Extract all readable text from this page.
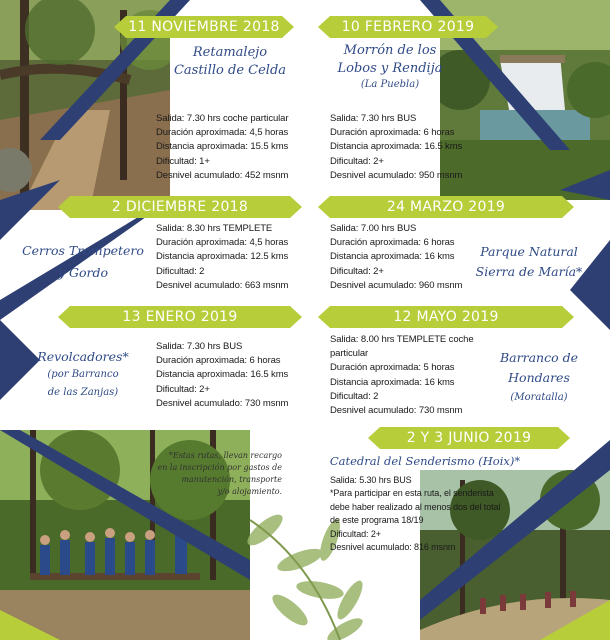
11 NOVIEMBRE 2018	10 FEBRERO 2019
2 DICIEMBRE 2018	24 MARZO 2019
13 ENERO 2019	12 MAYO 2019
2 Y 3 JUNIO 2019
Retamalejo
Castillo de Celda
Salida: 7.30 hrs coche particular
Duración aproximada: 4,5 horas
Distancia aproximada: 15.5 kms
Dificultad: 1+
Desnivel acumulado: 452 msnm
Morrón de los
Lobos y Rendija
(La Puebla)
Salida: 7.30 hrs BUS
Duración aproximada: 6 horas
Distancia aproximada: 16.5 kms
Dificultad: 2+
Desnivel acumulado: 950 msnm
Cerros Trompetero
y Gordo
Salida: 8.30 hrs TEMPLETE
Duración aproximada: 4,5 horas
Distancia aproximada: 12.5 kms
Dificultad: 2
Desnivel acumulado: 663 msnm
Salida: 7.00 hrs BUS
Duración aproximada: 6 horas
Distancia aproximada: 16 kms
Dificultad: 2+
Desnivel acumulado: 960 msnm
Parque Natural
Sierra de María*
Revolcadores*
(por Barranco
de las Zanjas)
Salida: 7.30 hrs BUS
Duración aproximada: 6 horas
Distancia aproximada: 16.5 kms
Dificultad: 2+
Desnivel acumulado: 730 msnm
Salida: 8.00 hrs TEMPLETE coche
particular
Duración aproximada: 5 horas
Distancia aproximada: 16 kms
Dificultad: 2
Desnivel acumulado: 730 msnm
Barranco de
Hondares
(Moratalla)
Catedral del Senderismo (Hoix)*
Salida: 5.30 hrs BUS
*Para participar en esta ruta, el senderista
debe haber realizado al menos dos del total
de este programa 18/19
Dificultad: 2+
Desnivel acumulado: 816 msnm
*Estas rutas, llevan recargo
en la inscripción por gastos de
manutención, transporte
y/o alojamiento.
